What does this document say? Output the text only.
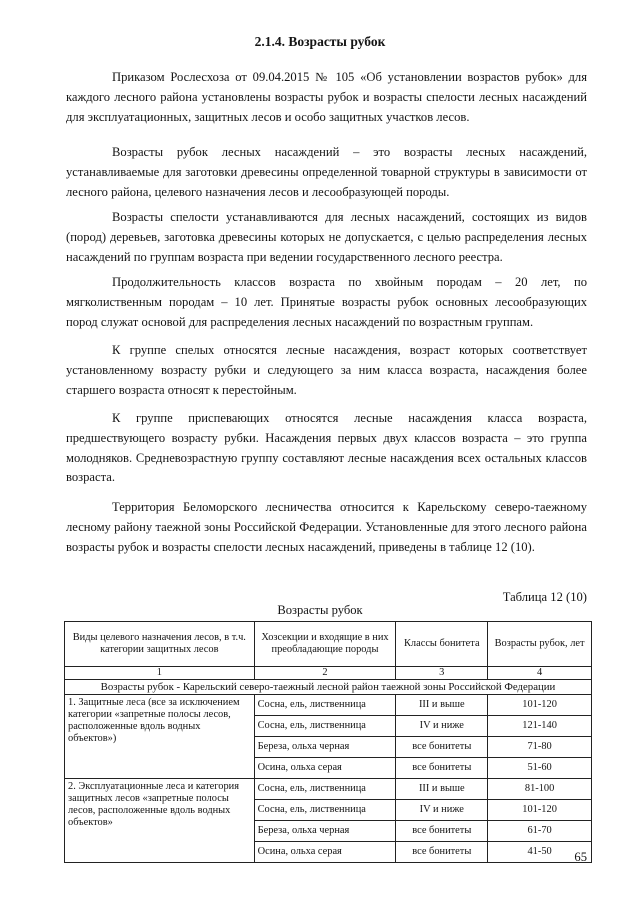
2.1.4. Возрасты рубок

Приказом Рослесхоза от 09.04.2015 № 105 «Об установлении возрастов рубок» для каждого лесного района установлены возрасты рубок и возрасты спелости лесных насаждений для эксплуатационных, защитных лесов и особо защитных участков лесов.

Возрасты рубок лесных насаждений – это возрасты лесных насаждений, устанавливаемые для заготовки древесины определенной товарной структуры в зависимости от лесного района, целевого назначения лесов и лесообразующей породы.

Возрасты спелости устанавливаются для лесных насаждений, состоящих из видов (пород) деревьев, заготовка древесины которых не допускается, с целью распределения лесных насаждений по группам возраста при ведении государственного лесного реестра.

Продолжительность классов возраста по хвойным породам – 20 лет, по мягколиственным породам – 10 лет. Принятые возрасты рубок основных лесообразующих пород служат основой для распределения лесных насаждений по возрастным группам.

К группе спелых относятся лесные насаждения, возраст которых соответствует установленному возрасту рубки и следующего за ним класса возраста, насаждения более старшего возраста относят к перестойным.

К группе приспевающих относятся лесные насаждения класса возраста, предшествующего возрасту рубки. Насаждения первых двух классов возраста – это группа молодняков. Средневозрастную группу составляют лесные насаждения всех остальных классов возраста.

Территория Беломорского лесничества относится к Карельскому северо-таежному лесному району таежной зоны Российской Федерации. Установленные для этого лесного района возрасты рубок и возрасты спелости лесных насаждений, приведены в таблице 12 (10).

Таблица 12 (10)
Возрасты рубок
Виды целевого назначения лесов, в т.ч. категории защитных лесов	Хозсекции и входящие в них преобладающие породы	Классы бонитета	Возрасты рубок, лет
1	2	3	4
Возрасты рубок - Карельский северо-таежный лесной район таежной зоны Российской Федерации			
1. Защитные леса (все за исключением категории «запретные полосы лесов, расположенные вдоль водных объектов»)	Сосна, ель, лиственница	III и выше	101-120
	Сосна, ель, лиственница	IV и ниже	121-140
	Береза, ольха черная	все бонитеты	71-80
	Осина, ольха серая	все бонитеты	51-60
2. Эксплуатационные леса и категория защитных лесов «запретные полосы лесов, расположенные вдоль водных объектов»	Сосна, ель, лиственница	III и выше	81-100
	Сосна, ель, лиственница	IV и ниже	101-120
	Береза, ольха черная	все бонитеты	61-70
	Осина, ольха серая	все бонитеты	41-50 65
